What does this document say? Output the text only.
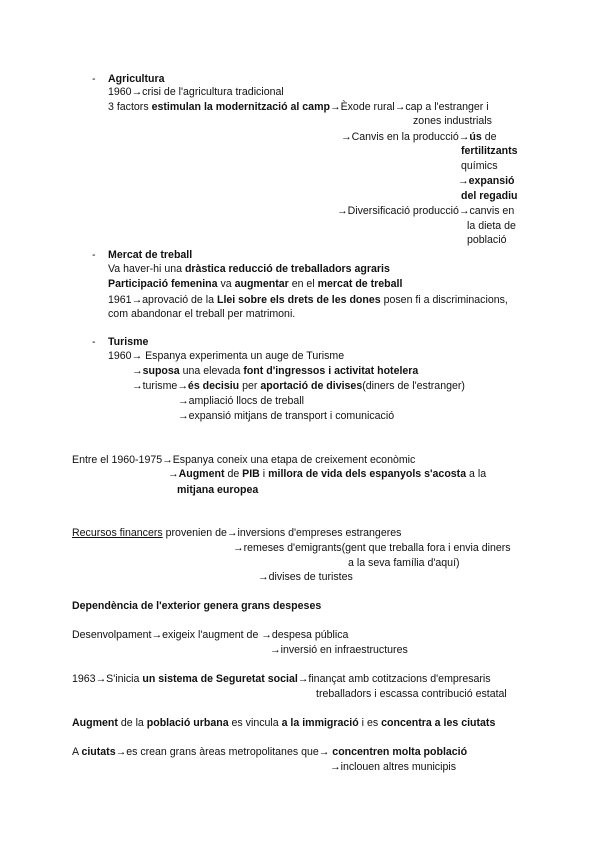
- Agricultura
1960→crisi de l'agricultura tradicional
3 factors estimulan la modernització al camp→Èxode rural→cap a l'estranger i
zones industrials
→Canvis en la producció→ús de
fertilitzants
químics
→expansió
del regadiu
→Diversificació producció→canvis en
la dieta de
població
- Mercat de treball
Va haver-hi una dràstica reducció de treballadors agraris
Participació femenina va augmentar en el mercat de treball
1961→aprovació de la Llei sobre els drets de les dones posen fi a discriminacions,
com abandonar el treball per matrimoni.
- Turisme
1960→ Espanya experimenta un auge de Turisme
→suposa una elevada font d'ingressos i activitat hotelera
→turisme→és decisiu per aportació de divises(diners de l'estranger)
→ampliació llocs de treball
→expansió mitjans de transport i comunicació
Entre el 1960-1975→Espanya coneix una etapa de creixement econòmic
→Augment de PIB i millora de vida dels espanyols s'acosta a la
mitjana europea
Recursos financers provenien de→inversions d'empreses estrangeres
→remeses d'emigrants(gent que treballa fora i envia diners
a la seva família d'aquí)
→divises de turistes
Dependència de l'exterior genera grans despeses
Desenvolpament→exigeix l'augment de →despesa pública
→inversió en infraestructures
1963→S'inicia un sistema de Seguretat social→finançat amb cotitzacions d'empresaris
treballadors i escassa contribució estatal
Augment de la població urbana es vincula a la immigració i es concentra a les ciutats
A ciutats→es crean grans àreas metropolitanes que→ concentren molta població
→inclouen altres municipis
